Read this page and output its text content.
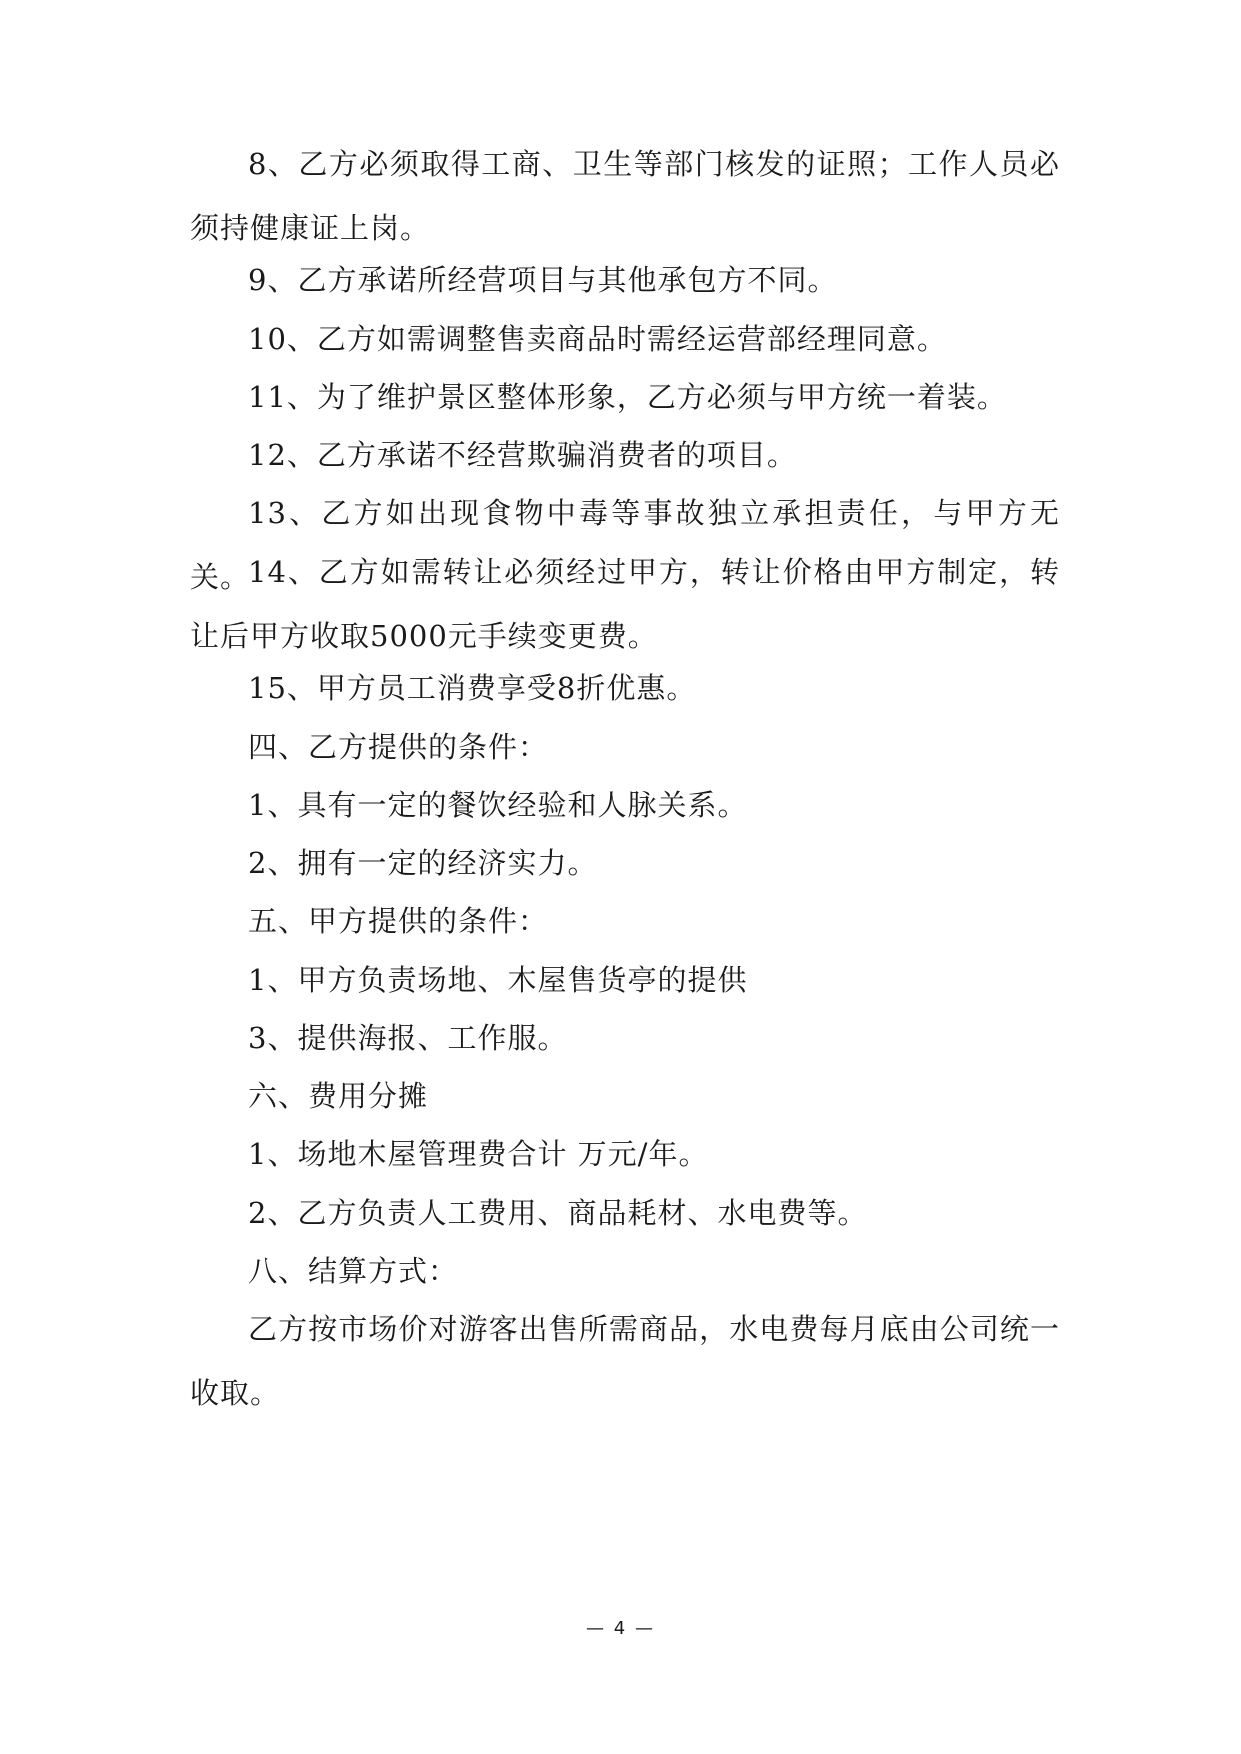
8、乙方必须取得工商、卫生等部门核发的证照；工作人员必须持健康证上岗。

9、乙方承诺所经营项目与其他承包方不同。

10、乙方如需调整售卖商品时需经运营部经理同意。

11、为了维护景区整体形象，乙方必须与甲方统一着装。

12、乙方承诺不经营欺骗消费者的项目。

13、乙方如出现食物中毒等事故独立承担责任，与甲方无关。

14、乙方如需转让必须经过甲方，转让价格由甲方制定，转让后甲方收取5000元手续变更费。

15、甲方员工消费享受8折优惠。

四、乙方提供的条件：

1、具有一定的餐饮经验和人脉关系。

2、拥有一定的经济实力。

五、甲方提供的条件：

1、甲方负责场地、木屋售货亭的提供

3、提供海报、工作服。

六、费用分摊

1、场地木屋管理费合计 万元/年。

2、乙方负责人工费用、商品耗材、水电费等。

八、结算方式：

乙方按市场价对游客出售所需商品，水电费每月底由公司统一收取。

— 4 —
